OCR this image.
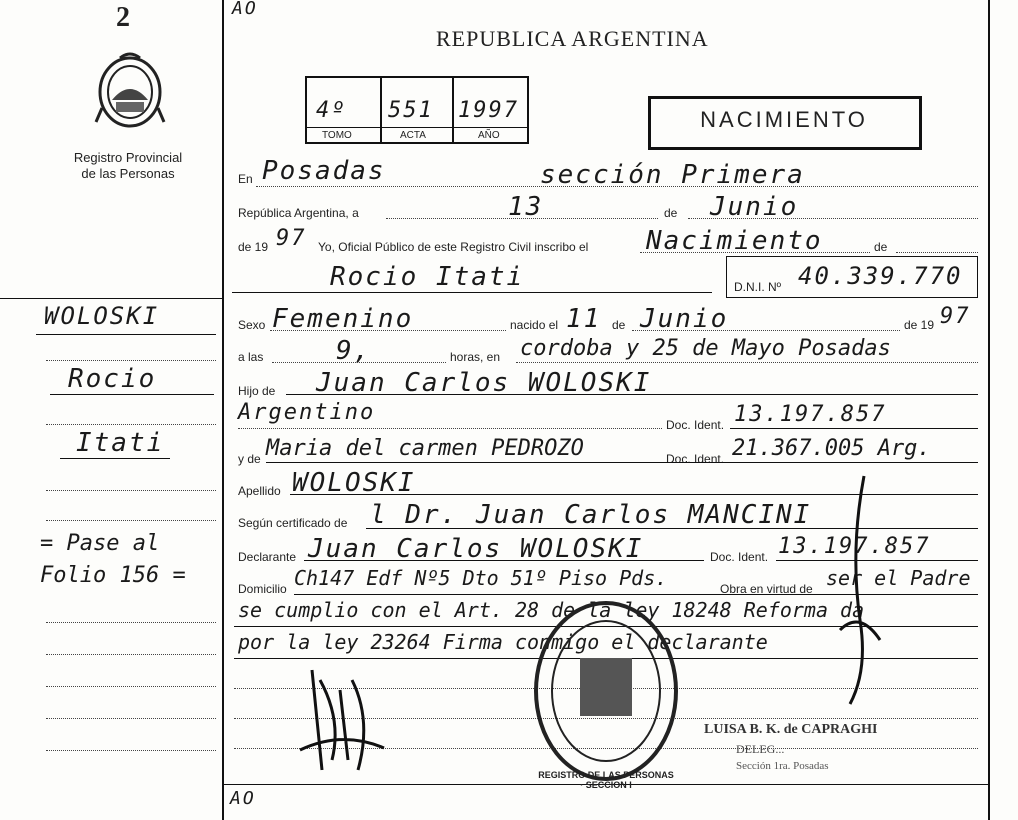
2	AO
Registro Provincial
de las Personas
REPUBLICA ARGENTINA
4º 551 1997
TOMO	ACTA	AÑO
NACIMIENTO
En Posadas	sección Primera
República Argentina, a	13	de Junio
de 19 97 Yo, Oficial Público de este Registro Civil inscribo el Nacimiento	de
Rocio Itati	D.N.I. Nº 40.339.770
Sexo Femenino	nacido el 11 de Junio	de 19 97
a las	9,	horas, en cordoba y 25 de Mayo Posadas
Hijo de Juan Carlos WOLOSKI
Argentino	Doc. Ident. 13.197.857
y de Maria del carmen PEDROZO	Doc. Ident. 21.367.005 Arg.
Apellido WOLOSKI
Según certificado de l Dr. Juan Carlos MANCINI
Declarante Juan Carlos WOLOSKI	Doc. Ident. 13.197.857
Domicilio Ch147 Edf Nº5 Dto 51º Piso Pds.	Obra en virtud de ser el Padre
se cumplio con el Art. 28 de la ley 18248 Reforma da
por la ley 23264 Firma conmigo el declarante
AO
WOLOSKI
Rocio
Itati
= Pase al
Folio 156 =
REGISTRO DE LAS PERSONAS · SECCION I
LUISA B. K. de CAPRAGHI
DELEG...
Sección 1ra. Posadas
